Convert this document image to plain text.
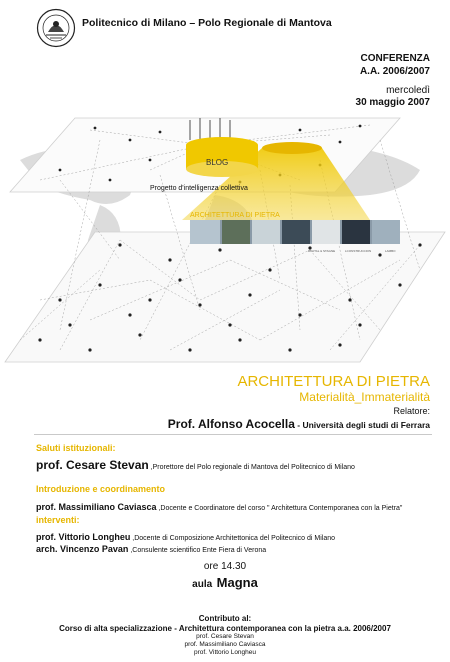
Politecnico di Milano – Polo Regionale di Mantova
CONFERENZA
A.A. 2006/2007
mercoledì
30 maggio 2007
BLOG
Progetto d'intelligenza collettiva
ARCHITETTURA DI PIETRA
DIGITAL & STAGNE	LCONSTRUCCION	LAMBO
ARCHITETTURA DI PIETRA
Materialità_Immaterialità
Relatore:
Prof. Alfonso Acocella - Università degli studi di Ferrara
Saluti istituzionali:
prof. Cesare Stevan ,Prorettore del Polo regionale di Mantova del Politecnico di Milano
Introduzione e coordinamento
prof. Massimiliano Caviasca ,Docente e Coordinatore del corso " Architettura Contemporanea con la Pietra"
interventi:
prof. Vittorio Longheu ,Docente di Composizione Architettonica del Politecnico di Milano
arch. Vincenzo Pavan ,Consulente scientifico Ente Fiera di Verona
ore 14.30
aula Magna
Contributo al:
Corso di alta specializzazione - Architettura contemporanea con la pietra a.a. 2006/2007
prof. Cesare Stevan
prof. Massimiliano Caviasca
prof. Vittorio Longheu
